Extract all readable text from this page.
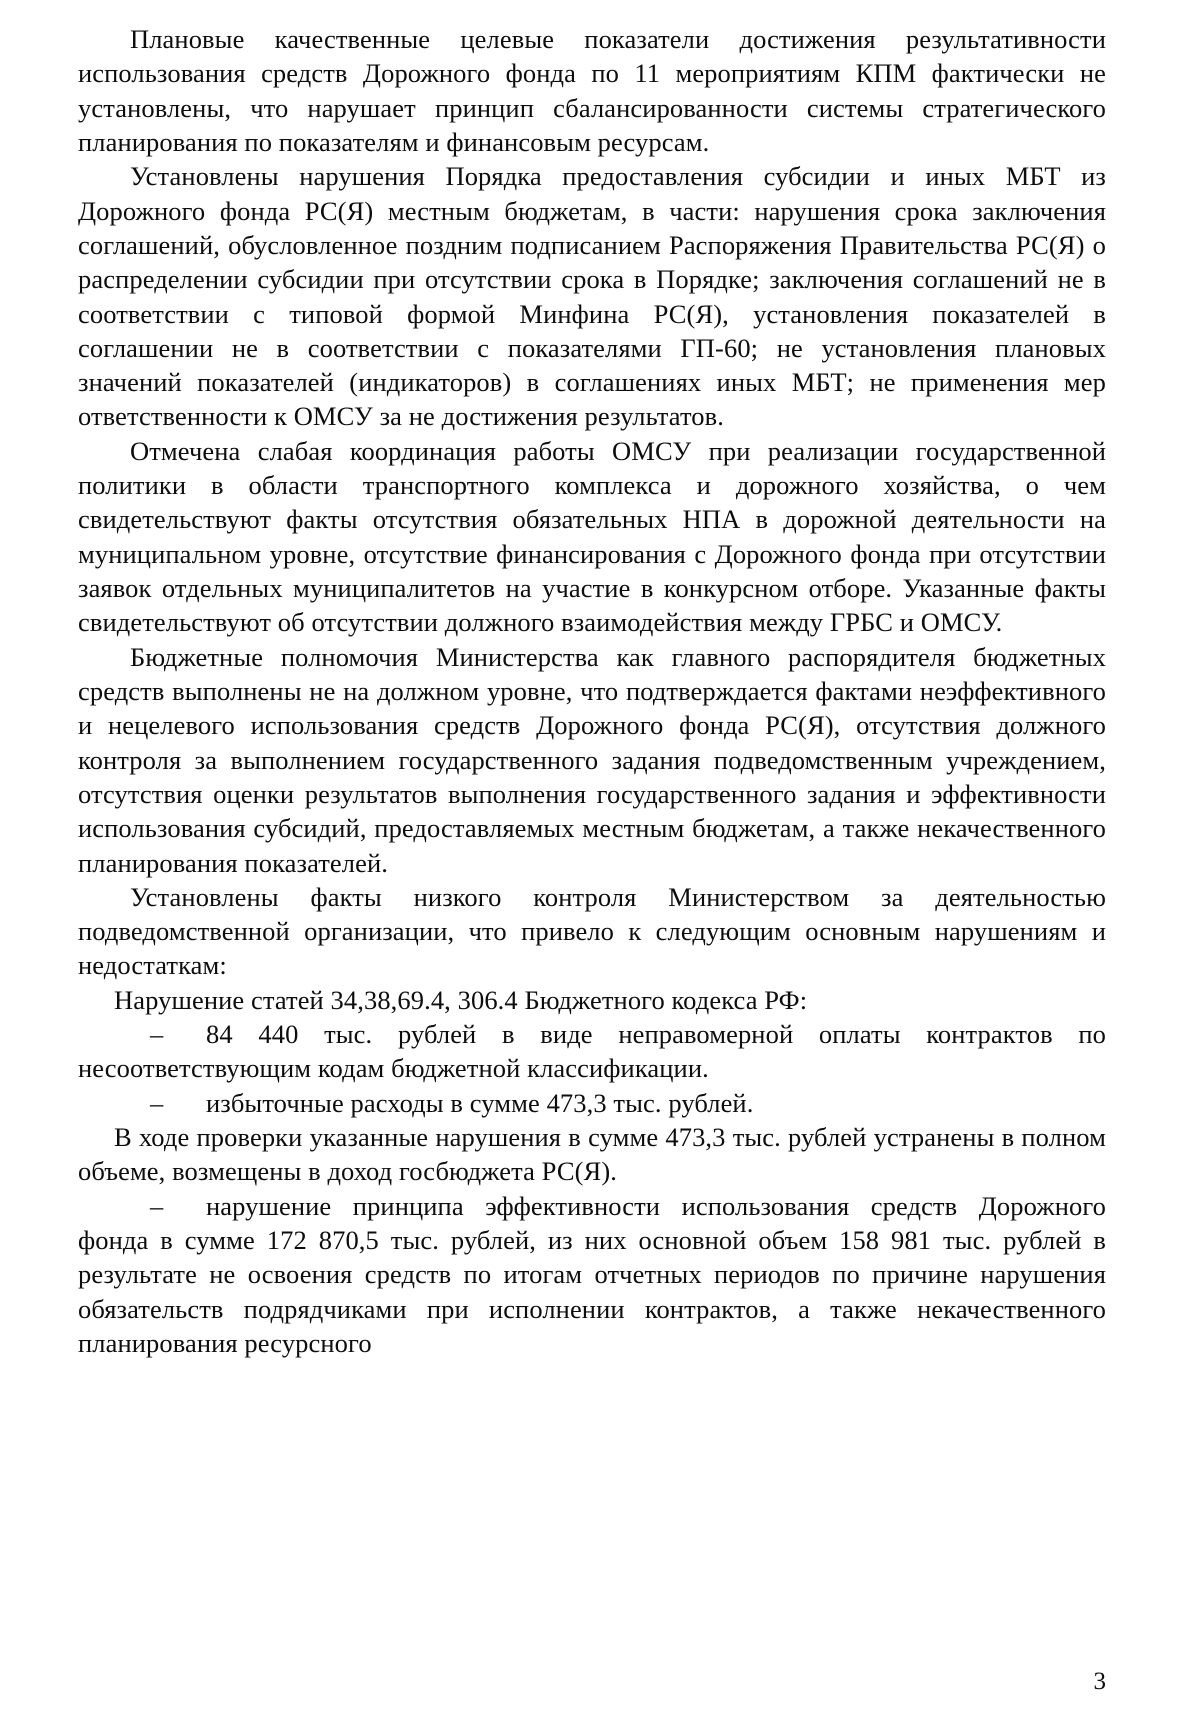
Плановые качественные целевые показатели достижения результативности использования средств Дорожного фонда по 11 мероприятиям КПМ фактически не установлены, что нарушает принцип сбалансированности системы стратегического планирования по показателям и финансовым ресурсам.

Установлены нарушения Порядка предоставления субсидии и иных МБТ из Дорожного фонда РС(Я) местным бюджетам, в части: нарушения срока заключения соглашений, обусловленное поздним подписанием Распоряжения Правительства РС(Я) о распределении субсидии при отсутствии срока в Порядке; заключения соглашений не в соответствии с типовой формой Минфина РС(Я), установления показателей в соглашении не в соответствии с показателями ГП-60; не установления плановых значений показателей (индикаторов) в соглашениях иных МБТ; не применения мер ответственности к ОМСУ за не достижения результатов.

Отмечена слабая координация работы ОМСУ при реализации государственной политики в области транспортного комплекса и дорожного хозяйства, о чем свидетельствуют факты отсутствия обязательных НПА в дорожной деятельности на муниципальном уровне, отсутствие финансирования с Дорожного фонда при отсутствии заявок отдельных муниципалитетов на участие в конкурсном отборе. Указанные факты свидетельствуют об отсутствии должного взаимодействия между ГРБС и ОМСУ.

Бюджетные полномочия Министерства как главного распорядителя бюджетных средств выполнены не на должном уровне, что подтверждается фактами неэффективного и нецелевого использования средств Дорожного фонда РС(Я), отсутствия должного контроля за выполнением государственного задания подведомственным учреждением, отсутствия оценки результатов выполнения государственного задания и эффективности использования субсидий, предоставляемых местным бюджетам, а также некачественного планирования показателей.

Установлены факты низкого контроля Министерством за деятельностью подведомственной организации, что привело к следующим основным нарушениям и недостаткам:

Нарушение статей 34,38,69.4, 306.4 Бюджетного кодекса РФ:

– 84 440 тыс. рублей в виде неправомерной оплаты контрактов по несоответствующим кодам бюджетной классификации.

– избыточные расходы в сумме 473,3 тыс. рублей.

В ходе проверки указанные нарушения в сумме 473,3 тыс. рублей устранены в полном объеме, возмещены в доход госбюджета РС(Я).

– нарушение принципа эффективности использования средств Дорожного фонда в сумме 172 870,5 тыс. рублей, из них основной объем 158 981 тыс. рублей в результате не освоения средств по итогам отчетных периодов по причине нарушения обязательств подрядчиками при исполнении контрактов, а также некачественного планирования ресурсного

3
